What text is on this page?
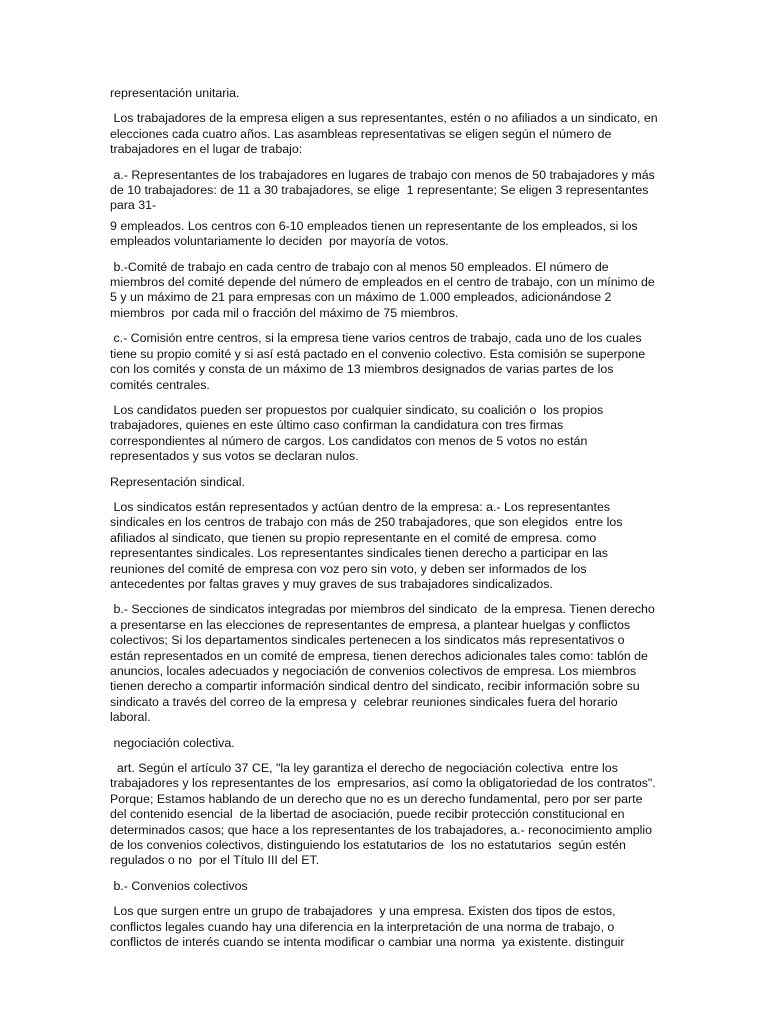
representación unitaria.

Los trabajadores de la empresa eligen a sus representantes, estén o no afiliados a un sindicato, en elecciones cada cuatro años. Las asambleas representativas se eligen según el número de trabajadores en el lugar de trabajo:

a.- Representantes de los trabajadores en lugares de trabajo con menos de 50 trabajadores y más de 10 trabajadores: de 11 a 30 trabajadores, se elige  1 representante; Se eligen 3 representantes para 31-

9 empleados. Los centros con 6-10 empleados tienen un representante de los empleados, si los empleados voluntariamente lo deciden  por mayoría de votos.

b.-Comité de trabajo en cada centro de trabajo con al menos 50 empleados. El número de miembros del comité depende del número de empleados en el centro de trabajo, con un mínimo de 5 y un máximo de 21 para empresas con un máximo de 1.000 empleados, adicionándose 2 miembros  por cada mil o fracción del máximo de 75 miembros.

c.- Comisión entre centros, si la empresa tiene varios centros de trabajo, cada uno de los cuales tiene su propio comité y si así está pactado en el convenio colectivo. Esta comisión se superpone con los comités y consta de un máximo de 13 miembros designados de varias partes de los  comités centrales.

Los candidatos pueden ser propuestos por cualquier sindicato, su coalición o  los propios trabajadores, quienes en este último caso confirman la candidatura con tres firmas correspondientes al número de cargos. Los candidatos con menos de 5 votos no están representados y sus votos se declaran nulos.

Representación sindical.

Los sindicatos están representados y actúan dentro de la empresa: a.- Los representantes sindicales en los centros de trabajo con más de 250 trabajadores, que son elegidos  entre los afiliados al sindicato, que tienen su propio representante en el comité de empresa. como representantes sindicales. Los representantes sindicales tienen derecho a participar en las reuniones del comité de empresa con voz pero sin voto, y deben ser informados de los antecedentes por faltas graves y muy graves de sus trabajadores sindicalizados.

b.- Secciones de sindicatos integradas por miembros del sindicato  de la empresa. Tienen derecho a presentarse en las elecciones de representantes de empresa, a plantear huelgas y conflictos colectivos; Si los departamentos sindicales pertenecen a los sindicatos más representativos o están representados en un comité de empresa, tienen derechos adicionales tales como: tablón de anuncios, locales adecuados y negociación de convenios colectivos de empresa. Los miembros tienen derecho a compartir información sindical dentro del sindicato, recibir información sobre su sindicato a través del correo de la empresa y  celebrar reuniones sindicales fuera del horario laboral.

negociación colectiva.

art. Según el artículo 37 CE, "la ley garantiza el derecho de negociación colectiva  entre los trabajadores y los representantes de los  empresarios, así como la obligatoriedad de los contratos". Porque; Estamos hablando de un derecho que no es un derecho fundamental, pero por ser parte del contenido esencial  de la libertad de asociación, puede recibir protección constitucional en determinados casos; que hace a los representantes de los trabajadores, a.- reconocimiento amplio de los convenios colectivos, distinguiendo los estatutarios de  los no estatutarios  según estén regulados o no  por el Título III del ET.

b.- Convenios colectivos

Los que surgen entre un grupo de trabajadores  y una empresa. Existen dos tipos de estos, conflictos legales cuando hay una diferencia en la interpretación de una norma de trabajo, o conflictos de interés cuando se intenta modificar o cambiar una norma  ya existente. distinguir
